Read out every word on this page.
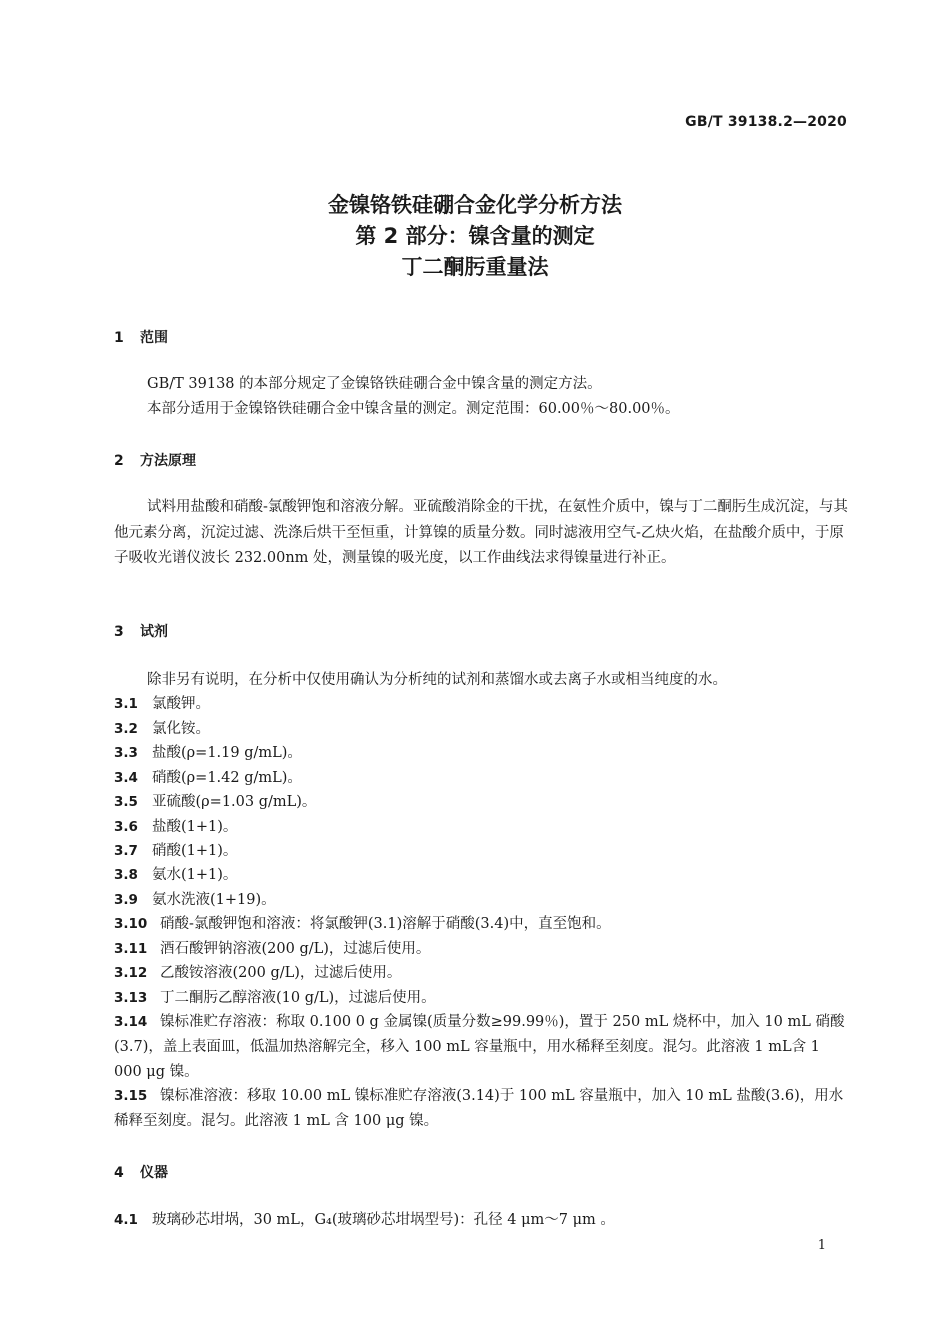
GB/T 39138.2—2020
金镍铬铁硅硼合金化学分析方法
第 2 部分：镍含量的测定
丁二酮肟重量法
1 范围
GB/T 39138 的本部分规定了金镍铬铁硅硼合金中镍含量的测定方法。
本部分适用于金镍铬铁硅硼合金中镍含量的测定。测定范围：60.00％～80.00％。
2 方法原理
试料用盐酸和硝酸-氯酸钾饱和溶液分解。亚硫酸消除金的干扰，在氨性介质中，镍与丁二酮肟生成沉淀，与其他元素分离，沉淀过滤、洗涤后烘干至恒重，计算镍的质量分数。同时滤液用空气-乙炔火焰，在盐酸介质中，于原子吸收光谱仪波长 232.00nm 处，测量镍的吸光度，以工作曲线法求得镍量进行补正。
3 试剂
除非另有说明，在分析中仅使用确认为分析纯的试剂和蒸馏水或去离子水或相当纯度的水。
3.1 氯酸钾。
3.2 氯化铵。
3.3 盐酸(ρ=1.19 g/mL)。
3.4 硝酸(ρ=1.42 g/mL)。
3.5 亚硫酸(ρ=1.03 g/mL)。
3.6 盐酸(1+1)。
3.7 硝酸(1+1)。
3.8 氨水(1+1)。
3.9 氨水洗液(1+19)。
3.10 硝酸-氯酸钾饱和溶液：将氯酸钾(3.1)溶解于硝酸(3.4)中，直至饱和。
3.11 酒石酸钾钠溶液(200 g/L)，过滤后使用。
3.12 乙酸铵溶液(200 g/L)，过滤后使用。
3.13 丁二酮肟乙醇溶液(10 g/L)，过滤后使用。
3.14 镍标准贮存溶液：称取 0.100 0 g 金属镍(质量分数≥99.99％)，置于 250 mL 烧杯中，加入 10 mL 硝酸(3.7)，盖上表面皿，低温加热溶解完全，移入 100 mL 容量瓶中，用水稀释至刻度。混匀。此溶液 1 mL含 1 000 μg 镍。
3.15 镍标准溶液：移取 10.00 mL 镍标准贮存溶液(3.14)于 100 mL 容量瓶中，加入 10 mL 盐酸(3.6)，用水稀释至刻度。混匀。此溶液 1 mL 含 100 μg 镍。
4 仪器
4.1 玻璃砂芯坩埚，30 mL，G₄(玻璃砂芯坩埚型号)：孔径 4 μm～7 μm 。
1
